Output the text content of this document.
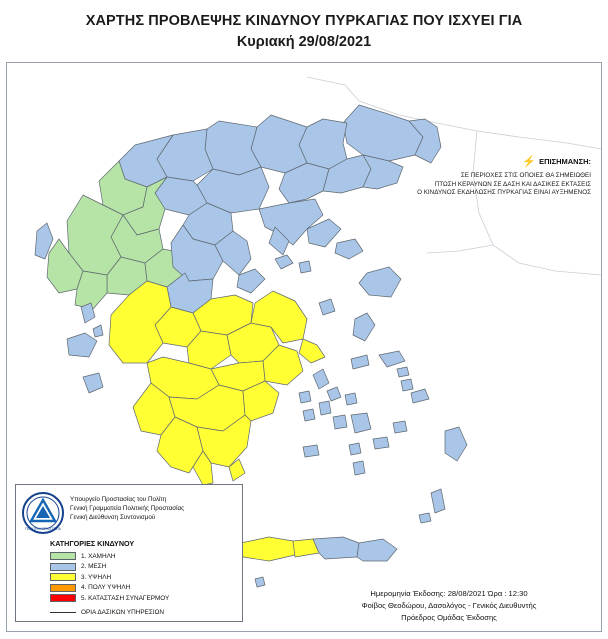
ΧΑΡΤΗΣ ΠΡΟΒΛΕΨΗΣ ΚΙΝΔΥΝΟΥ ΠΥΡΚΑΓΙΑΣ ΠΟΥ ΙΣΧΥΕΙ ΓΙΑ
Κυριακή 29/08/2021
⚡ ΕΠΙΣΗΜΑΝΣΗ:
ΣΕ ΠΕΡΙΟΧΕΣ ΣΤΙΣ ΟΠΟΙΕΣ ΘΑ ΣΗΜΕΙΩΘΕΙ
ΠΤΩΣΗ ΚΕΡΑΥΝΩΝ ΣΕ ΔΑΣΗ ΚΑΙ ΔΑΣΙΚΕΣ ΕΚΤΑΣΕΙΣ
Ο ΚΙΝΔΥΝΟΣ ΕΚΔΗΛΩΣΗΣ ΠΥΡΚΑΓΙΑΣ ΕΙΝΑΙ ΑΥΞΗΜΕΝΟΣ
ΠΟΛΙΤΙΚΗ ΠΡΟΣΤΑΣΙΑ
Υπουργείο Προστασίας του Πολίτη
Γενική Γραμματεία Πολιτικής Προστασίας
Γενική Διεύθυνση Συντονισμού
ΚΑΤΗΓΟΡΙΕΣ ΚΙΝΔΥΝΟΥ
1. ΧΑΜΗΛΗ
2. ΜΕΣΗ
3. ΥΨΗΛΗ
4. ΠΟΛΥ ΥΨΗΛΗ
5. ΚΑΤΑΣΤΑΣΗ ΣΥΝΑΓΕΡΜΟΥ
ΟΡΙΑ ΔΑΣΙΚΩΝ ΥΠΗΡΕΣΙΩΝ
Ημερομηνία Έκδοσης: 28/08/2021 Ώρα : 12:30
Φοίβος Θεοδώρου, Δασολόγος - Γενικός Διευθυντής
Πρόεδρος Ομάδας Έκδοσης
